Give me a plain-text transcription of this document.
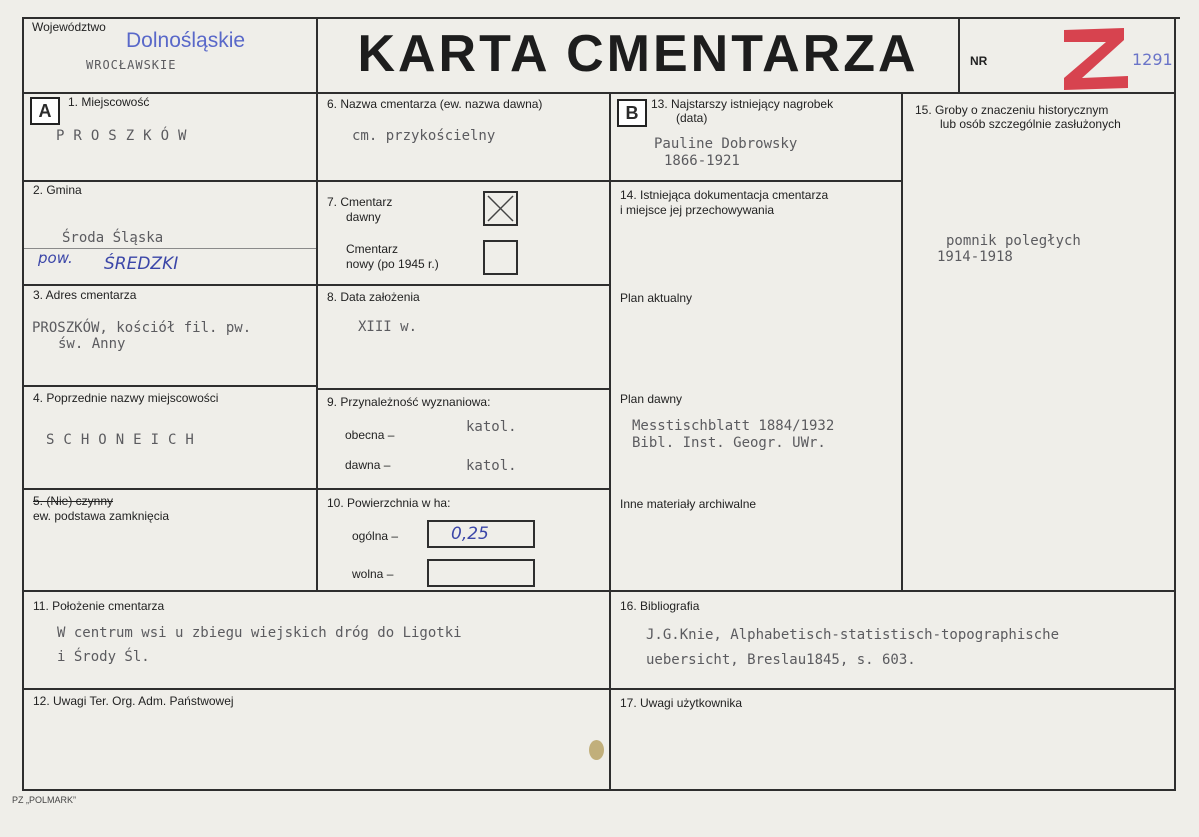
Województwo
Dolnośląskie
WROCŁAWSKIE	KARTA CMENTARZA	NR	1291
A	1. Miejscowość
PROSZKÓW
2. Gmina
Środa Śląska
pow. ŚREDZKI
3. Adres cmentarza
PROSZKÓW, kościół fil. pw.
św. Anny
4. Poprzednie nazwy miejscowości
SCHONEICH
5. (Nie) czynny
ew. podstawa zamknięcia
6. Nazwa cmentarza (ew. nazwa dawna)
cm. przykościelny
7. Cmentarz
dawny
Cmentarz
nowy (po 1945 r.)
8. Data założenia
XIII w.
9. Przynależność wyznaniowa:
obecna –	katol.
dawna –	katol.
10. Powierzchnia w ha:
ogólna –	0,25
wolna –
B	13. Najstarszy istniejący nagrobek
(data)
Pauline Dobrowsky
1866-1921
14. Istniejąca dokumentacja cmentarza
i miejsce jej przechowywania
Plan aktualny
Plan dawny
Messtischblatt 1884/1932
Bibl. Inst. Geogr. UWr.
Inne materiały archiwalne
15. Groby o znaczeniu historycznym
lub osób szczególnie zasłużonych
pomnik poległych
1914-1918
11. Położenie cmentarza
W centrum wsi u zbiegu wiejskich dróg do Ligotki
i Środy Śl.
16. Bibliografia
J.G.Knie, Alphabetisch-statistisch-topographische
uebersicht, Breslau1845, s. 603.
12. Uwagi Ter. Org. Adm. Państwowej	17. Uwagi użytkownika
PZ „POLMARK”
